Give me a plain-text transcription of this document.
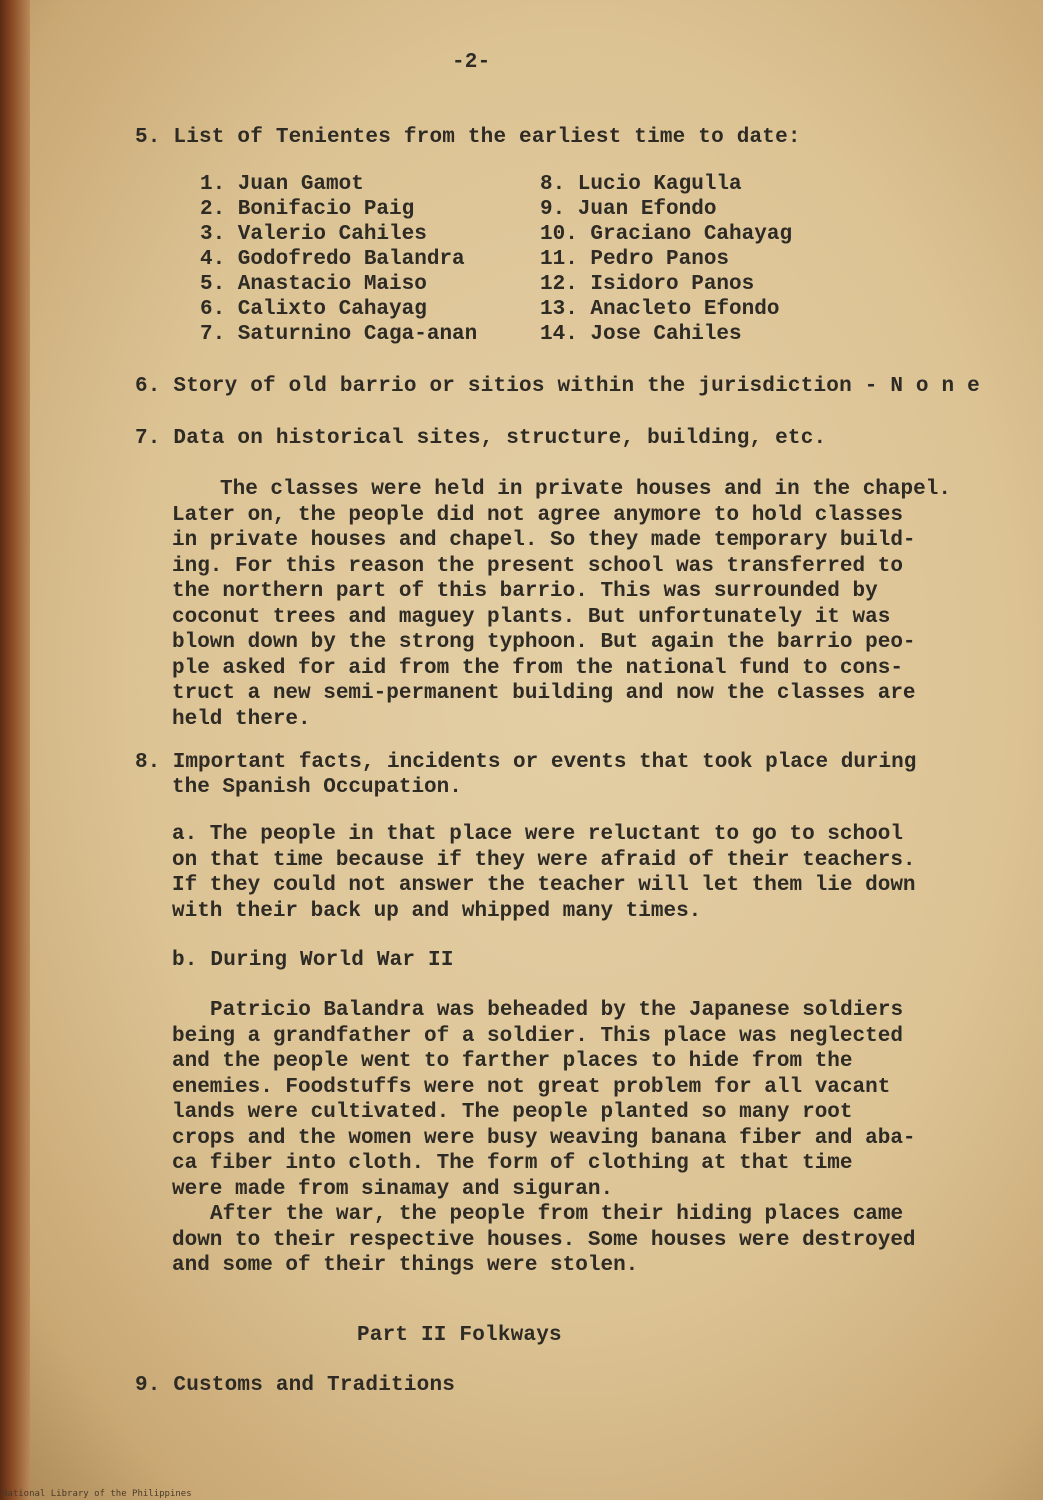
-2-
5. List of Tenientes from the earliest time to date:
1. Juan Gamot
2. Bonifacio Paig
3. Valerio Cahiles
4. Godofredo Balandra
5. Anastacio Maiso
6. Calixto Cahayag
7. Saturnino Caga-anan
8. Lucio Kagulla
9. Juan Efondo
10. Graciano Cahayag
11. Pedro Panos
12. Isidoro Panos
13. Anacleto Efondo
14. Jose Cahiles
6. Story of old barrio or sitios within the jurisdiction - N o n e
7. Data on historical sites, structure, building, etc.
The classes were held in private houses and in the chapel.
Later on, the people did not agree anymore to hold classes
in private houses and chapel. So they made temporary build-
ing. For this reason the present school was transferred to
the northern part of this barrio. This was surrounded by
coconut trees and maguey plants. But unfortunately it was
blown down by the strong typhoon. But again the barrio peo-
ple asked for aid from the from the national fund to cons-
truct a new semi-permanent building and now the classes are
held there.
8. Important facts, incidents or events that took place during
the Spanish Occupation.
a. The people in that place were reluctant to go to school
on that time because if they were afraid of their teachers.
If they could not answer the teacher will let them lie down
with their back up and whipped many times.
b. During World War II
Patricio Balandra was beheaded by the Japanese soldiers
being a grandfather of a soldier. This place was neglected
and the people went to farther places to hide from the
enemies. Foodstuffs were not great problem for all vacant
lands were cultivated. The people planted so many root
crops and the women were busy weaving banana fiber and aba-
ca fiber into cloth. The form of clothing at that time
were made from sinamay and siguran.
After the war, the people from their hiding places came
down to their respective houses. Some houses were destroyed
and some of their things were stolen.
Part II Folkways
9. Customs and Traditions
National Library of the Philippines
